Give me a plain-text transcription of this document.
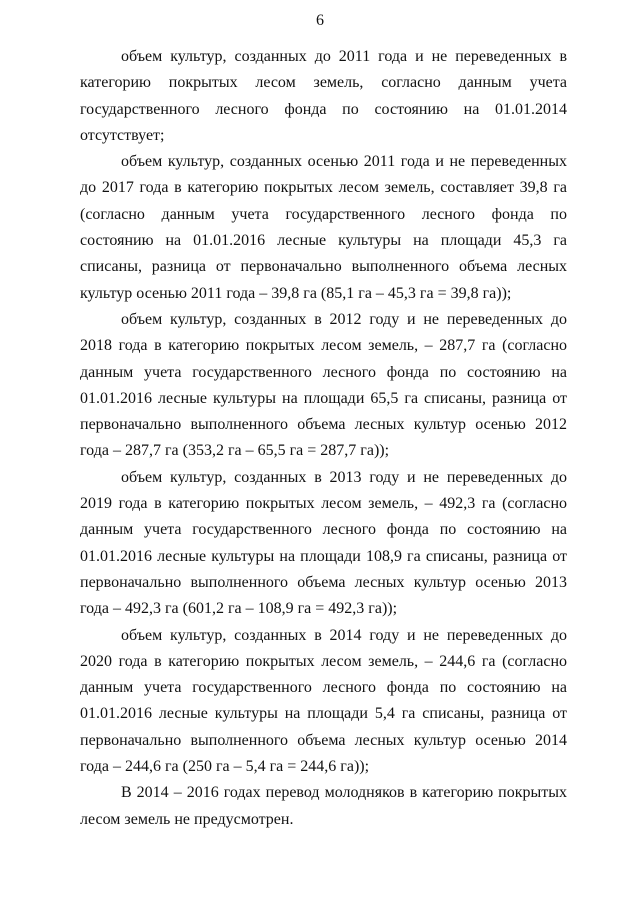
6

объем культур, созданных до 2011 года и не переведенных в категорию покрытых лесом земель, согласно данным учета государственного лесного фонда по состоянию на 01.01.2014 отсутствует;

объем культур, созданных осенью 2011 года и не переведенных до 2017 года в категорию покрытых лесом земель, составляет 39,8 га (согласно данным учета государственного лесного фонда по состоянию на 01.01.2016 лесные культуры на площади 45,3 га списаны, разница от первоначально выполненного объема лесных культур осенью 2011 года – 39,8 га (85,1 га – 45,3 га = 39,8 га));

объем культур, созданных в 2012 году и не переведенных до 2018 года в категорию покрытых лесом земель, – 287,7 га (согласно данным учета государственного лесного фонда по состоянию на 01.01.2016 лесные культуры на площади 65,5 га списаны, разница от первоначально выполненного объема лесных культур осенью 2012 года – 287,7 га (353,2 га – 65,5 га = 287,7 га));

объем культур, созданных в 2013 году и не переведенных до 2019 года в категорию покрытых лесом земель, – 492,3 га (согласно данным учета государственного лесного фонда по состоянию на 01.01.2016 лесные культуры на площади 108,9 га списаны, разница от первоначально выполненного объема лесных культур осенью 2013 года – 492,3 га (601,2 га – 108,9 га = 492,3 га));

объем культур, созданных в 2014 году и не переведенных до 2020 года в категорию покрытых лесом земель, – 244,6 га (согласно данным учета государственного лесного фонда по состоянию на 01.01.2016 лесные культуры на площади 5,4 га списаны, разница от первоначально выполненного объема лесных культур осенью 2014 года – 244,6 га (250 га – 5,4 га = 244,6 га));

В 2014 – 2016 годах перевод молодняков в категорию покрытых лесом земель не предусмотрен.
